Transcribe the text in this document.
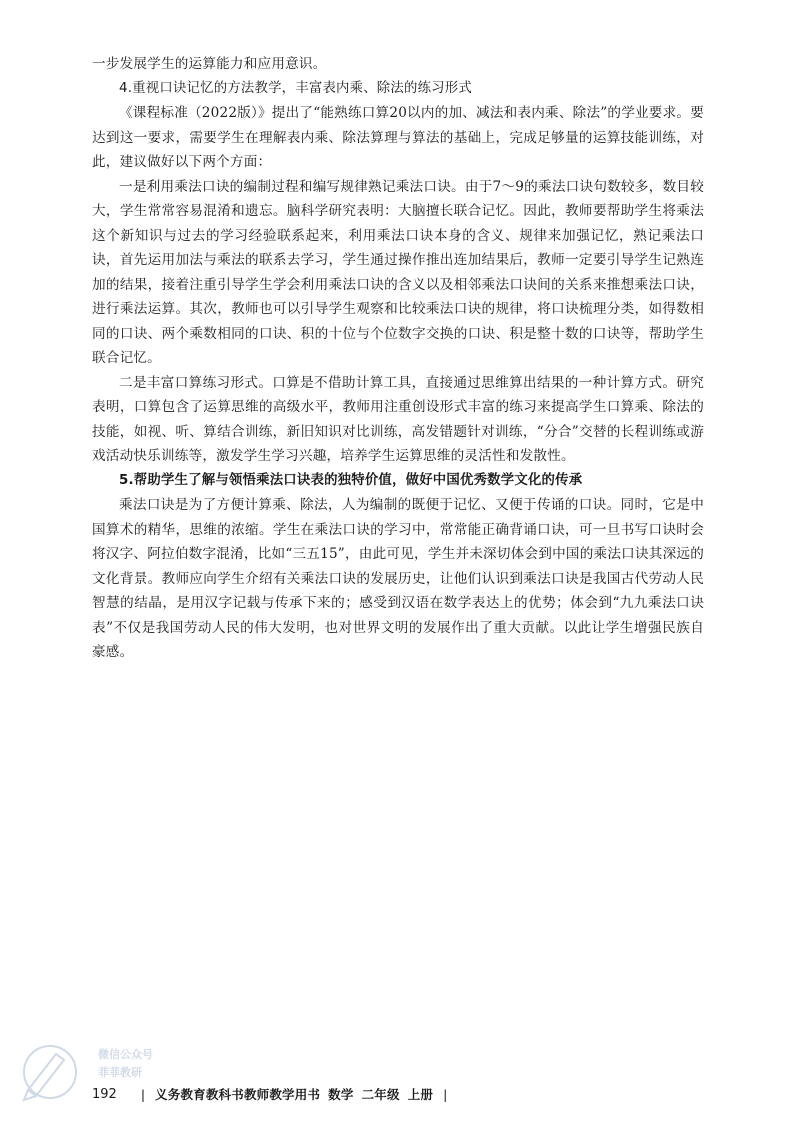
一步发展学生的运算能力和应用意识。

4.重视口诀记忆的方法教学，丰富表内乘、除法的练习形式

《课程标准（2022版）》提出了“能熟练口算20以内的加、减法和表内乘、除法”的学业要求。要达到这一要求，需要学生在理解表内乘、除法算理与算法的基础上，完成足够量的运算技能训练，对此，建议做好以下两个方面：

一是利用乘法口诀的编制过程和编写规律熟记乘法口诀。由于7～9的乘法口诀句数较多，数目较大，学生常常容易混淆和遗忘。脑科学研究表明：大脑擅长联合记忆。因此，教师要帮助学生将乘法这个新知识与过去的学习经验联系起来，利用乘法口诀本身的含义、规律来加强记忆，熟记乘法口诀，首先运用加法与乘法的联系去学习，学生通过操作推出连加结果后，教师一定要引导学生记熟连加的结果，接着注重引导学生学会利用乘法口诀的含义以及相邻乘法口诀间的关系来推想乘法口诀，进行乘法运算。其次，教师也可以引导学生观察和比较乘法口诀的规律，将口诀梳理分类，如得数相同的口诀、两个乘数相同的口诀、积的十位与个位数字交换的口诀、积是整十数的口诀等，帮助学生联合记忆。

二是丰富口算练习形式。口算是不借助计算工具，直接通过思维算出结果的一种计算方式。研究表明，口算包含了运算思维的高级水平，教师用注重创设形式丰富的练习来提高学生口算乘、除法的技能，如视、听、算结合训练，新旧知识对比训练，高发错题针对训练，“分合”交替的长程训练或游戏活动快乐训练等，激发学生学习兴趣，培养学生运算思维的灵活性和发散性。

5.帮助学生了解与领悟乘法口诀表的独特价值，做好中国优秀数学文化的传承

乘法口诀是为了方便计算乘、除法，人为编制的既便于记忆、又便于传诵的口诀。同时，它是中国算术的精华，思维的浓缩。学生在乘法口诀的学习中，常常能正确背诵口诀，可一旦书写口诀时会将汉字、阿拉伯数字混淆，比如“三五15”，由此可见，学生并未深切体会到中国的乘法口诀其深远的文化背景。教师应向学生介绍有关乘法口诀的发展历史，让他们认识到乘法口诀是我国古代劳动人民智慧的结晶，是用汉字记载与传承下来的；感受到汉语在数学表达上的优势；体会到“九九乘法口诀表”不仅是我国劳动人民的伟大发明，也对世界文明的发展作出了重大贡献。以此让学生增强民族自豪感。

微信公众号
菲菲教研
192 | 义务教育教科书教师教学用书 数学 二年级 上册 |
